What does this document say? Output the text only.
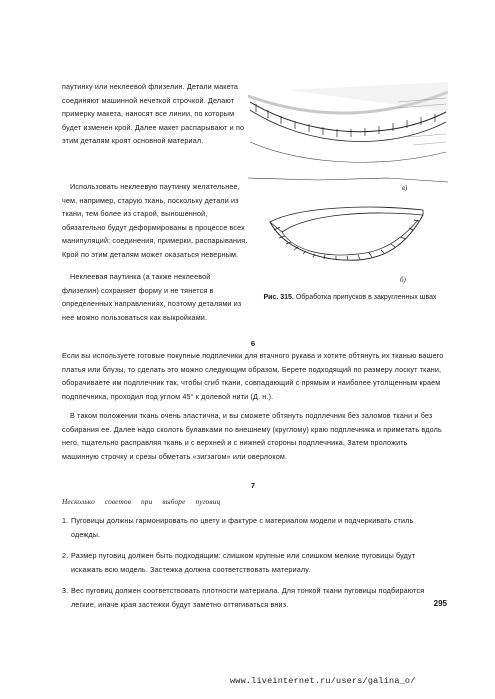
паутинку или неклеевой флизелин. Детали макета соединяют машинной нечеткой строчкой. Делают примерку макета, наносят все линии, по которым будет изменен крой. Далее макет распарывают и по этим деталям кроят основной материал.

Использовать неклеевую паутинку желательнее, чем, например, старую ткань, поскольку детали из ткани, тем более из старой, выношенной, обязательно будут деформированы в процессе всех манипуляций: соединения, примерки, распарывания. Крой по этим деталям может оказаться неверным.

Неклеевая паутинка (а также неклеевой флизелин) сохраняет форму и не тянется в определенных направлениях, поэтому деталями из нее можно пользоваться как выкройками.

в)
б)
Рис. 315. Обработка припусков в закругленных швах
6

Если вы используете готовые покупные подплечики для втачного рукава и хотите обтянуть их тканью вашего платья или блузы, то сделать это можно следующим образом. Берете подходящий по размеру лоскут ткани, оборачиваете им подплечник так, чтобы сгиб ткани, совпадающий с прямым и наиболее утолщенным краем подплечника, проходил под углом 45° к долевой нити (Д. н.).

В таком положении ткань очень эластична, и вы сможете обтянуть подплечник без заломов ткани и без собирания ее. Далее надо сколоть булавками по внешнему (круглому) краю подплечника и приметать вдоль него, тщательно расправляя ткань и с верхней и с нижней стороны подплечника. Затем проложить машинную строчку и срезы обметать «зигзагом» или оверлоком.

7
Несколько советов при выборе пуговиц
1. Пуговицы должны гармонировать по цвету и фактуре с материалом модели и подчеркивать стиль одежды.
2. Размер пуговиц должен быть подходящим: слишком крупные или слишком мелкие пуговицы будут искажать всю модель. Застежка должна соответствовать материалу.
3. Вес пуговиц должен соответствовать плотности материала. Для тонкой ткани пуговицы подбираются легкие, иначе края застежки будут заметно оттягиваться вниз.	295
www.liveinternet.ru/users/galina_o/
